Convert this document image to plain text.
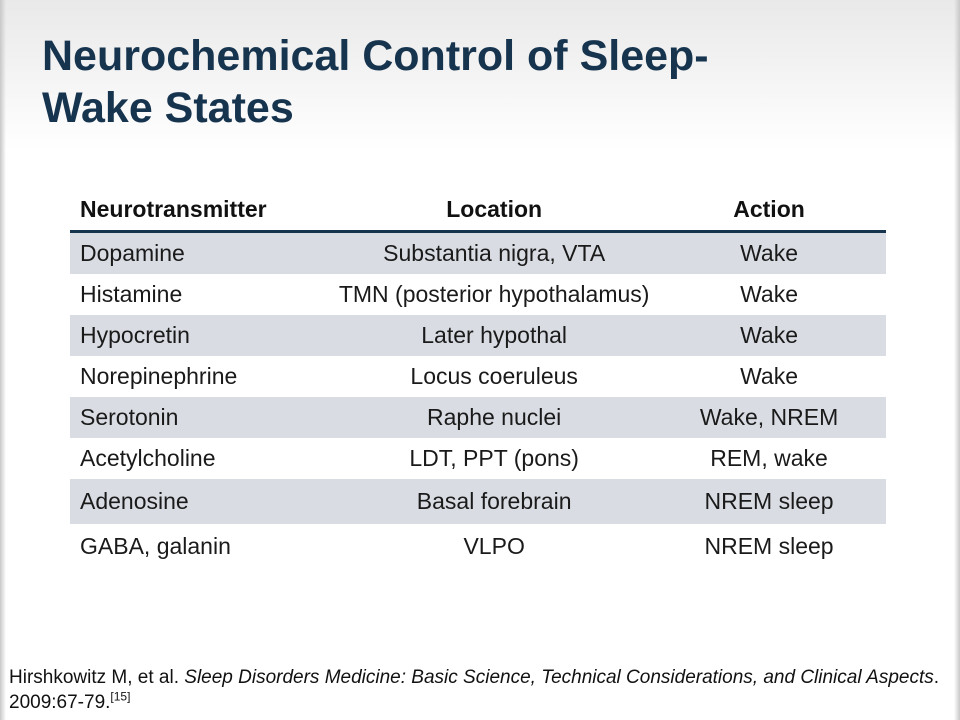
Neurochemical Control of Sleep-
Wake States
Neurotransmitter	Location	Action
Dopamine	Substantia nigra, VTA	Wake
Histamine	TMN (posterior hypothalamus)	Wake
Hypocretin	Later hypothal	Wake
Norepinephrine	Locus coeruleus	Wake
Serotonin	Raphe nuclei	Wake, NREM
Acetylcholine	LDT, PPT (pons)	REM, wake
Adenosine	Basal forebrain	NREM sleep
GABA, galanin	VLPO	NREM sleep

Hirshkowitz M, et al. Sleep Disorders Medicine: Basic Science, Technical Considerations, and Clinical Aspects. 2009:67-79.[15]
